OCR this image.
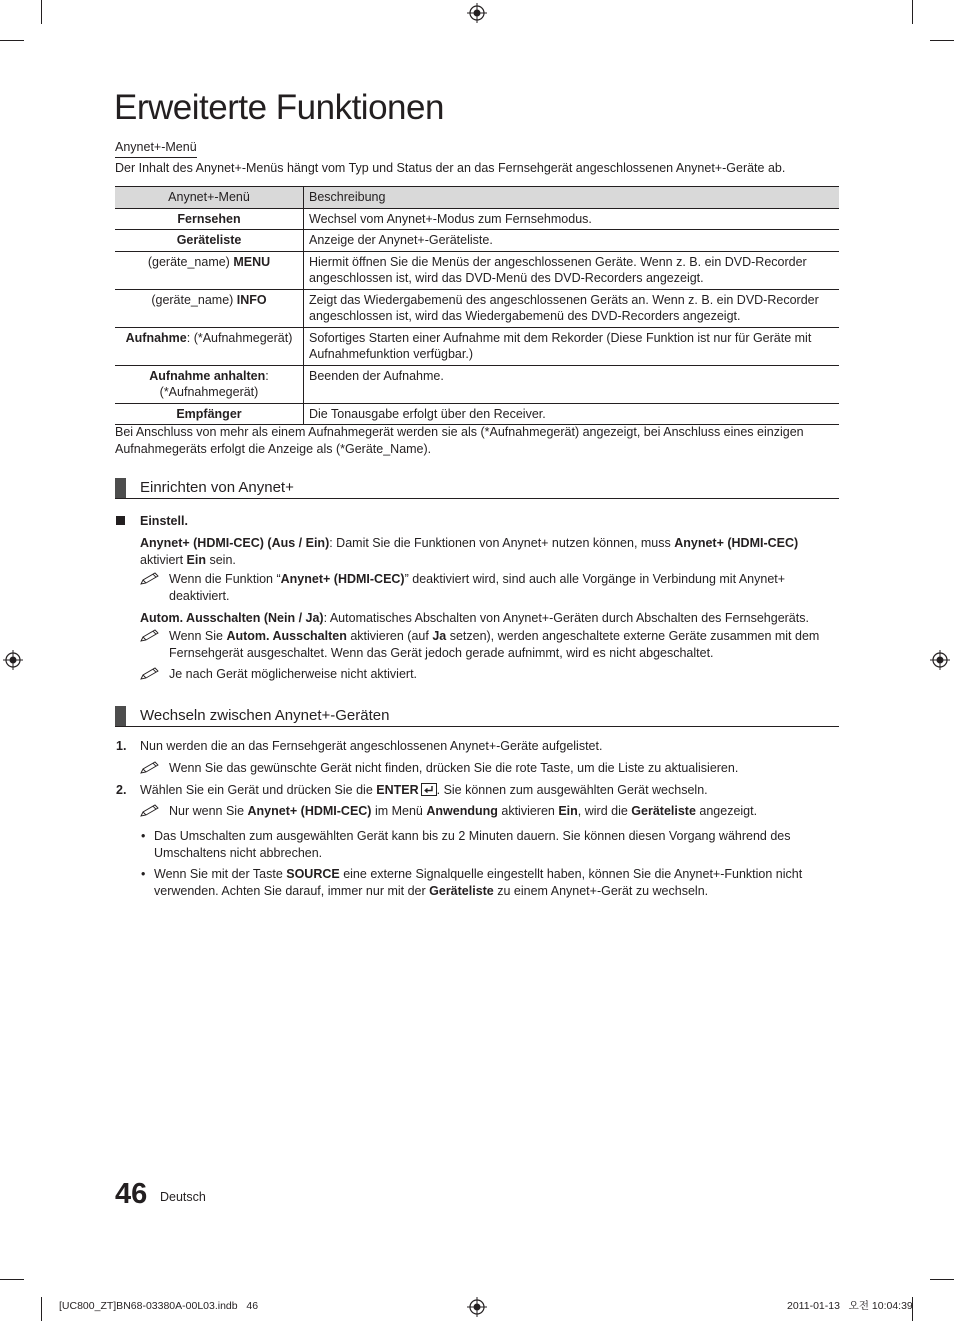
Erweiterte Funktionen
Anynet+-Menü
Der Inhalt des Anynet+-Menüs hängt vom Typ und Status der an das Fernsehgerät angeschlossenen Anynet+-Geräte ab.
Anynet+-Menü	Beschreibung
Fernsehen	Wechsel vom Anynet+-Modus zum Fernsehmodus.
Geräteliste	Anzeige der Anynet+-Geräteliste.
(geräte_name) MENU	Hiermit öffnen Sie die Menüs der angeschlossenen Geräte. Wenn z. B. ein DVD-Recorder angeschlossen ist, wird das DVD-Menü des DVD-Recorders angezeigt.
(geräte_name) INFO	Zeigt das Wiedergabemenü des angeschlossenen Geräts an. Wenn z. B. ein DVD-Recorder angeschlossen ist, wird das Wiedergabemenü des DVD-Recorders angezeigt.
Aufnahme: (*Aufnahmegerät)	Sofortiges Starten einer Aufnahme mit dem Rekorder (Diese Funktion ist nur für Geräte mit Aufnahmefunktion verfügbar.)
Aufnahme anhalten:
(*Aufnahmegerät)	Beenden der Aufnahme.
Empfänger	Die Tonausgabe erfolgt über den Receiver.
Bei Anschluss von mehr als einem Aufnahmegerät werden sie als (*Aufnahmegerät) angezeigt, bei Anschluss eines einzigen Aufnahmegeräts erfolgt die Anzeige als (*Geräte_Name).
Einrichten von Anynet+
Einstell.
Anynet+ (HDMI-CEC) (Aus / Ein): Damit Sie die Funktionen von Anynet+ nutzen können, muss Anynet+ (HDMI-CEC) aktiviert Ein sein.
Wenn die Funktion “Anynet+ (HDMI-CEC)” deaktiviert wird, sind auch alle Vorgänge in Verbindung mit Anynet+ deaktiviert.
Autom. Ausschalten (Nein / Ja): Automatisches Abschalten von Anynet+-Geräten durch Abschalten des Fernsehgeräts.
Wenn Sie Autom. Ausschalten aktivieren (auf Ja setzen), werden angeschaltete externe Geräte zusammen mit dem Fernsehgerät ausgeschaltet. Wenn das Gerät jedoch gerade aufnimmt, wird es nicht abgeschaltet.
Je nach Gerät möglicherweise nicht aktiviert.
Wechseln zwischen Anynet+-Geräten
1. Nun werden die an das Fernsehgerät angeschlossenen Anynet+-Geräte aufgelistet.
Wenn Sie das gewünschte Gerät nicht finden, drücken Sie die rote Taste, um die Liste zu aktualisieren.
2. Wählen Sie ein Gerät und drücken Sie die ENTER . Sie können zum ausgewählten Gerät wechseln.
Nur wenn Sie Anynet+ (HDMI-CEC) im Menü Anwendung aktivieren Ein, wird die Geräteliste angezeigt.
• Das Umschalten zum ausgewählten Gerät kann bis zu 2 Minuten dauern. Sie können diesen Vorgang während des Umschaltens nicht abbrechen.
• Wenn Sie mit der Taste SOURCE eine externe Signalquelle eingestellt haben, können Sie die Anynet+-Funktion nicht verwenden. Achten Sie darauf, immer nur mit der Geräteliste zu einem Anynet+-Gerät zu wechseln.
46 Deutsch
[UC800_ZT]BN68-03380A-00L03.indb   46	2011-01-13   오전 10:04:39
